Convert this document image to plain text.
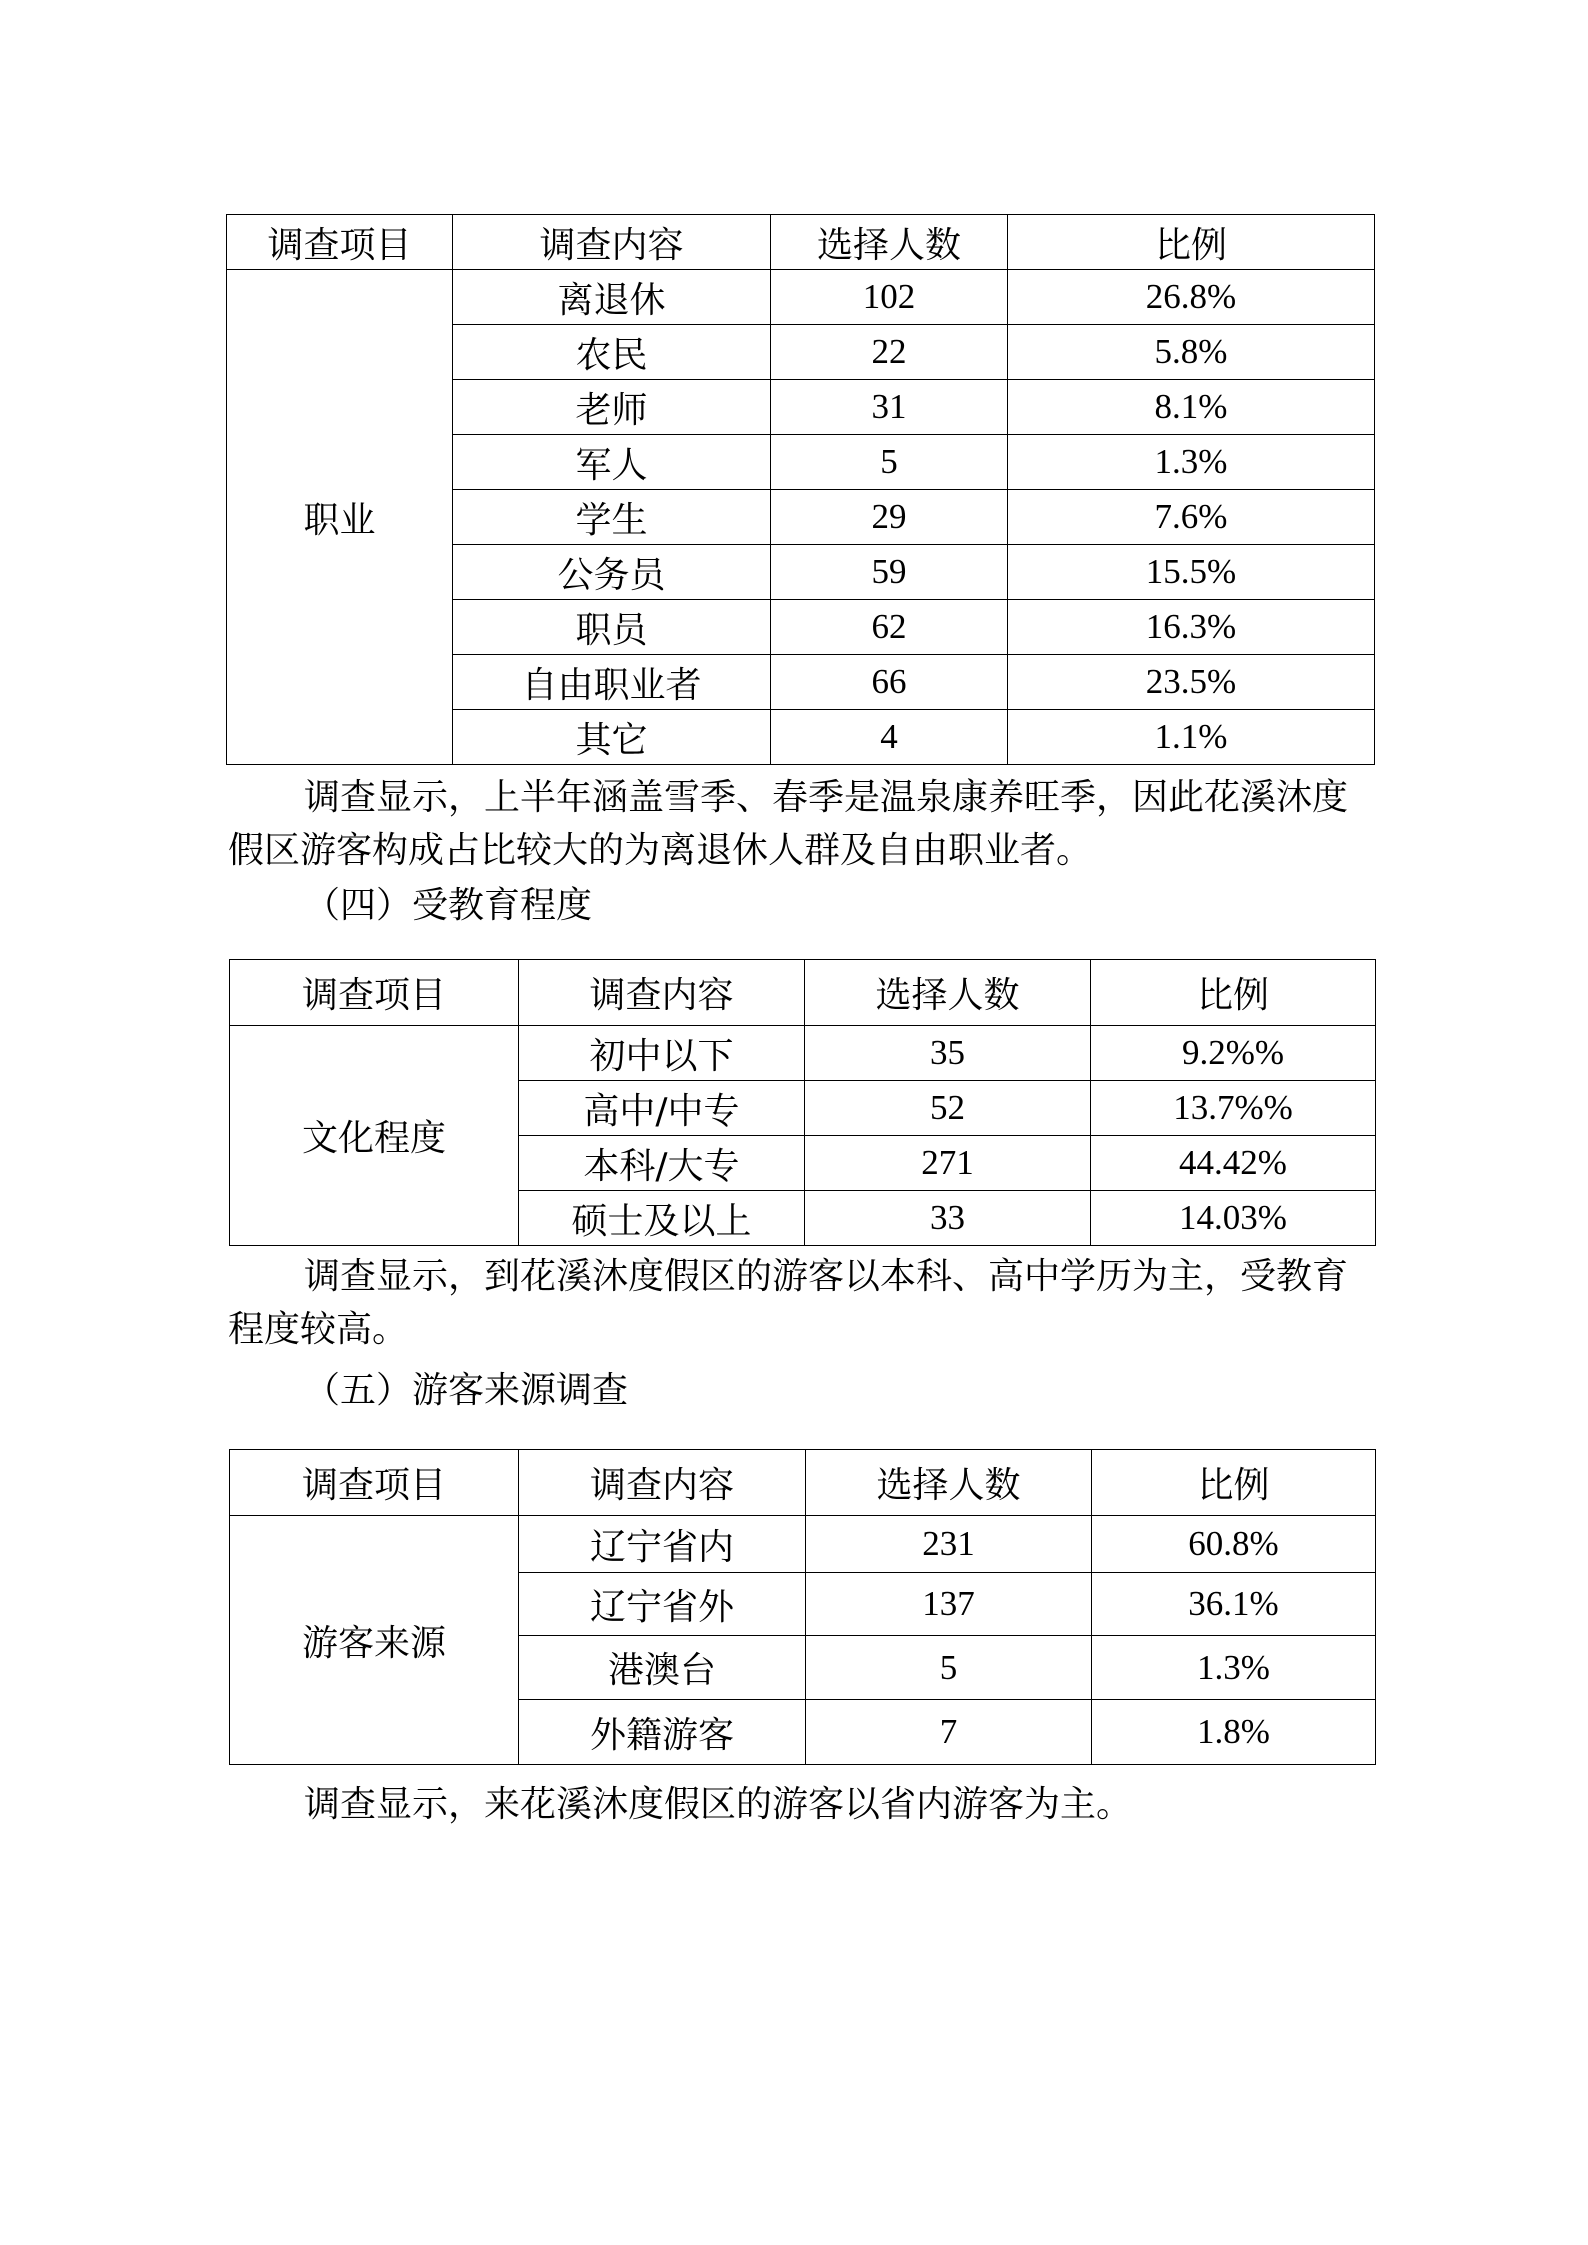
调查项目	调查内容	选择人数	比例
职业	离退休	102	26.8%
	农民	22	5.8%
	老师	31	8.1%
	军人	5	1.3%
	学生	29	7.6%
	公务员	59	15.5%
	职员	62	16.3%
	自由职业者	66	23.5%
	其它	4	1.1%

调查显示，上半年涵盖雪季、春季是温泉康养旺季，因此花溪沐度假区游客构成占比较大的为离退休人群及自由职业者。

（四）受教育程度

调查项目	调查内容	选择人数	比例
文化程度	初中以下	35	9.2%%
	高中/中专	52	13.7%%
	本科/大专	271	44.42%
	硕士及以上	33	14.03%

调查显示，到花溪沐度假区的游客以本科、高中学历为主，受教育程度较高。

（五）游客来源调查

调查项目	调查内容	选择人数	比例
游客来源	辽宁省内	231	60.8%
	辽宁省外	137	36.1%
	港澳台	5	1.3%
	外籍游客	7	1.8%

调查显示，来花溪沐度假区的游客以省内游客为主。
